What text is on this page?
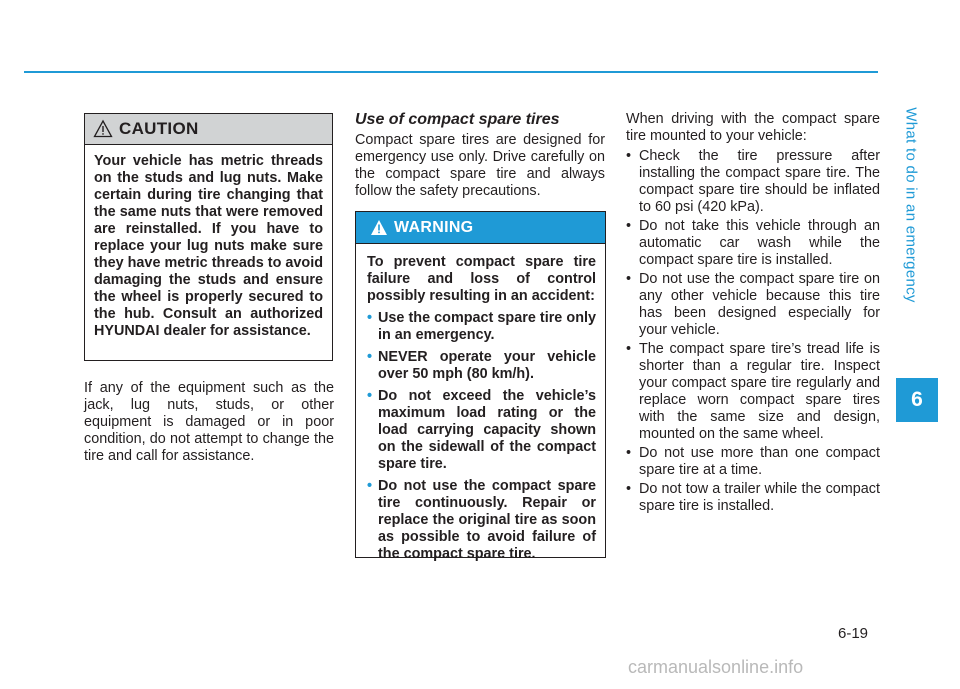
What to do in an emergency
6
CAUTION
Your vehicle has metric threads on the studs and lug nuts. Make certain during tire changing that the same nuts that were removed are reinstalled. If you have to replace your lug nuts make sure they have metric threads to avoid damaging the studs and ensure the wheel is properly secured to the hub. Consult an authorized HYUNDAI dealer for assistance.
If any of the equipment such as the jack, lug nuts, studs, or other equipment is damaged or in poor condition, do not attempt to change the tire and call for assistance.
Use of compact spare tires
Compact spare tires are designed for emergency use only. Drive carefully on the compact spare tire and always follow the safety precautions.
WARNING
To prevent compact spare tire failure and loss of control possibly resulting in an accident:
• Use the compact spare tire only in an emergency.
• NEVER operate your vehicle over 50 mph (80 km/h).
• Do not exceed the vehicle’s maximum load rating or the load carrying capacity shown on the sidewall of the compact spare tire.
• Do not use the compact spare tire continuously. Repair or replace the original tire as soon as possible to avoid failure of the compact spare tire.
When driving with the compact spare tire mounted to your vehicle:
• Check the tire pressure after installing the compact spare tire. The compact spare tire should be inflated to 60 psi (420 kPa).
• Do not take this vehicle through an automatic car wash while the compact spare tire is installed.
• Do not use the compact spare tire on any other vehicle because this tire has been designed especially for your vehicle.
• The compact spare tire’s tread life is shorter than a regular tire. Inspect your compact spare tire regularly and replace worn compact spare tires with the same size and design, mounted on the same wheel.
• Do not use more than one compact spare tire at a time.
• Do not tow a trailer while the compact spare tire is installed.
6-19
carmanualsonline.info
